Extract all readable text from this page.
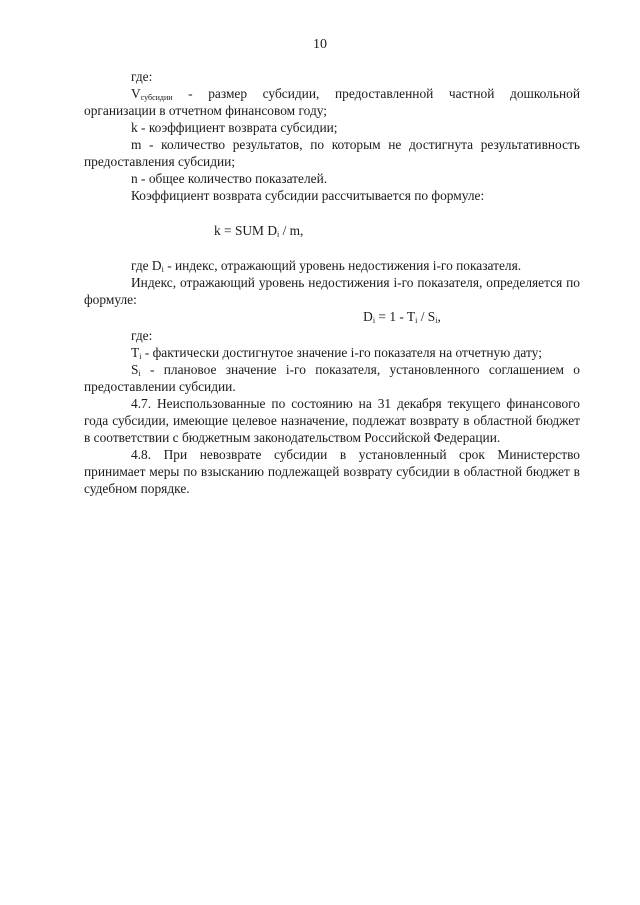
10

где:

$V_{субсидии}$ - размер субсидии, предоставленной частной дошкольной организации в отчетном финансовом году;

k - коэффициент возврата субсидии;

m - количество результатов, по которым не достигнута результативность предоставления субсидии;

n - общее количество показателей.

Коэффициент возврата субсидии рассчитывается по формуле:

k = SUM $D_i$ / m,

где $D_i$ - индекс, отражающий уровень недостижения i-го показателя.

Индекс, отражающий уровень недостижения i-го показателя, определяется по формуле:

$D_i = 1 - T_i / S_i$,

где:

$T_i$ - фактически достигнутое значение i-го показателя на отчетную дату;

$S_i$ - плановое значение i-го показателя, установленного соглашением о предоставлении субсидии.

4.7. Неиспользованные по состоянию на 31 декабря текущего финансового года субсидии, имеющие целевое назначение, подлежат возврату в областной бюджет в соответствии с бюджетным законодательством Российской Федерации.

4.8. При невозврате субсидии в установленный срок Министерство принимает меры по взысканию подлежащей возврату субсидии в областной бюджет в судебном порядке.
